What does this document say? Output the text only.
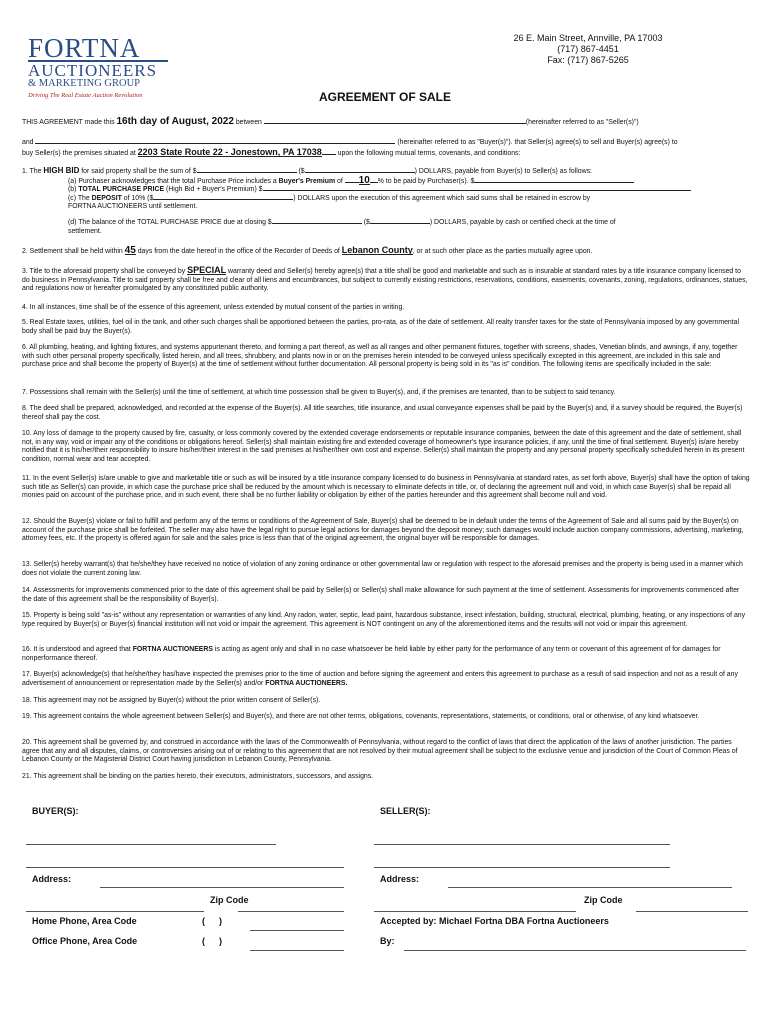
FORTNA
AUCTIONEERS
& MARKETING GROUP
Driving The Real Estate Auction Revolution
26 E. Main Street, Annville, PA 17003
(717) 867-4451
Fax: (717) 867-5265
AGREEMENT OF SALE
THIS AGREEMENT made this 16th day of August, 2022 between	(hereinafter referred to as "Seller(s)")
and	(hereinafter referred to as "Buyer(s)"). that Seller(s) agree(s) to sell and Buyer(s) agree(s) to
buy Seller(s) the premises situated at 2203 State Route 22 - Jonestown, PA 17038 upon the following mutual terms, covenants, and conditions:
1. The HIGH BID for said property shall be the sum of $	($	) DOLLARS, payable from Buyer(s) to Seller(s) as follows:
(a) Purchaser acknowledges that the total Purchase Price includes a Buyer's Premium of 10 % to be paid by Purchaser(s). $
(b) TOTAL PURCHASE PRICE (High Bid + Buyer's Premium) $
(c) The DEPOSIT of 10% ($	) DOLLARS upon the execution of this agreement which said sums shall be retained in escrow by
FORTNA AUCTIONEERS until settlement.
(d) The balance of the TOTAL PURCHASE PRICE due at closing $	($	) DOLLARS, payable by cash or certified check at the time of
settlement.
2. Settlement shall be held within 45 days from the date hereof in the office of the Recorder of Deeds of Lebanon County, or at such other place as the parties mutually agree upon.
3. Title to the aforesaid property shall be conveyed by SPECIAL warranty deed and Seller(s) hereby agree(s) that a title shall be good and marketable and such as is insurable at standard rates by a title insurance company licensed to do business in Pennsylvania. Title to said property shall be free and clear of all liens and encumbrances, but subject to currently existing restrictions, reservations, conditions, easements, covenants, zoning, regulations, ordinances, statues, and regulations now or hereafter promulgated by any constituted public authority.
4. In all instances, time shall be of the essence of this agreement, unless extended by mutual consent of the parties in writing.
5. Real Estate taxes, utilities, fuel oil in the tank, and other such charges shall be apportioned between the parties, pro-rata, as of the date of settlement. All realty transfer taxes for the state of Pennsylvania imposed by any governmental body shall be paid buy the Buyer(s).
6. All plumbing, heating, and lighting fixtures, and systems appurtenant thereto, and forming a part thereof, as well as all ranges and other permanent fixtures, together with screens, shades, Venetian blinds, and awnings, if any, together with such other personal property specifically, listed herein, and all trees, shrubbery, and plants now in or on the premises herein intended to be conveyed unless specifically excepted in this agreement, are included in this sale and purchase price and shall become the property of Buyer(s) at the time of settlement without further documentation. All personal property is being sold in its "as is" condition. The following items are specifically included in the sale:
7. Possessions shall remain with the Seller(s) until the time of settlement, at which time possession shall be given to Buyer(s), and, if the premises are tenanted, than to be subject to said tenancy.
8. The deed shall be prepared, acknowledged, and recorded at the expense of the Buyer(s). All title searches, title insurance, and usual conveyance expenses shall be paid by the Buyer(s) and, if a survey should be required, the Buyer(s) thereof shall pay the cost.
10. Any loss of damage to the property caused by fire, casualty, or loss commonly covered by the extended coverage endorsements or reputable insurance companies, between the date of this agreement and the date of settlement, shall not, in any way, void or impair any of the conditions or obligations hereof. Seller(s) shall maintain existing fire and extended coverage of homeowner's type insurance policies, if any, until the time of final settlement. Buyer(s) is/are hereby notified that it is his/her/their responsibility to insure his/her/their interest in the said premises at his/her/their own cost and expense. Seller(s) shall maintain the property and any personal property specifically scheduled herein in its present condition, normal wear and tear accepted.
11. In the event Seller(s) is/are unable to give and marketable title or such as will be insured by a title insurance company licensed to do business in Pennsylvania at standard rates, as set forth above, Buyer(s) shall have the option of taking such title as Seller(s) can provide, in which case the purchase price shall be reduced by the amount which is necessary to eliminate defects in title, or, of declaring the agreement null and void, in which case Buyer(s) shall be repaid all monies paid on account of the purchase price, and in such event, there shall be no further liability or obligation by either of the parties hereunder and this agreement shall become null and void.
12. Should the Buyer(s) violate or fail to fulfill and perform any of the terms or conditions of the Agreement of Sale, Buyer(s) shall be deemed to be in default under the terms of the Agreement of Sale and all sums paid by the Buyer(s) on account of the purchase price shall be forfeited. The seller may also have the legal right to pursue legal actions for damages beyond the deposit money; such damages would include auction company commissions, advertising, marketing, attorney fees, etc. If the property is offered again for sale and the sales price is less than that of the original agreement, the original buyer will be responsible for damages.
13. Seller(s) hereby warrant(s) that he/she/they have received no notice of violation of any zoning ordinance or other governmental law or regulation with respect to the aforesaid premises and the property is being used in a manner which does not violate the current zoning law.
14. Assessments for improvements commenced prior to the date of this agreement shall be paid by Seller(s) or Seller(s) shall make allowance for such payment at the time of settlement. Assessments for improvements commenced after the date of this agreement shall be the responsibility of Buyer(s).
15. Property is being sold "as-is" without any representation or warranties of any kind. Any radon, water, septic, lead paint, hazardous substance, insect infestation, building, structural, electrical, plumbing, heating, or any inspections of any type required by Buyer(s) or Buyer(s) financial institution will not void or impair the agreement. This agreement is NOT contingent on any of the aforementioned items and the results will not void or impair this agreement.
16. It is understood and agreed that FORTNA AUCTIONEERS is acting as agent only and shall in no case whatsoever be held liable by either party for the performance of any term or covenant of this agreement of for damages for nonperformance thereof.
17. Buyer(s) acknowledge(s) that he/she/they has/have inspected the premises prior to the time of auction and before signing the agreement and enters this agreement to purchase as a result of said inspection and not as a result of any advertisement of announcement or representation made by the Seller(s) and/or FORTNA AUCTIONEERS.
18. This agreement may not be assigned by Buyer(s) without the prior written consent of Seller(s).
19. This agreement contains the whole agreement between Seller(s) and Buyer(s), and there are not other terms, obligations, covenants, representations, statements, or conditions, oral or otherwise, of any kind whatsoever.
20. This agreement shall be governed by, and construed in accordance with the laws of the Commonwealth of Pennsylvania, without regard to the conflict of laws that direct the application of the laws of another jurisdiction. The parties agree that any and all disputes, claims, or controversies arising out of or relating to this agreement that are not resolved by their mutual agreement shall be subject to the exclusive venue and jurisdiction of the Court of Common Pleas of Lebanon County or the Magisterial District Court having jurisdiction in Lebanon County, Pennsylvania.
21. This agreement shall be binding on the parties hereto, their executors, administrators, successors, and assigns.
BUYER(S):	SELLER(S):
Address:	Address:
Zip Code	Zip Code
Home Phone, Area Code	( )	Accepted by: Michael Fortna DBA Fortna Auctioneers
Office Phone, Area Code	( )	By:
